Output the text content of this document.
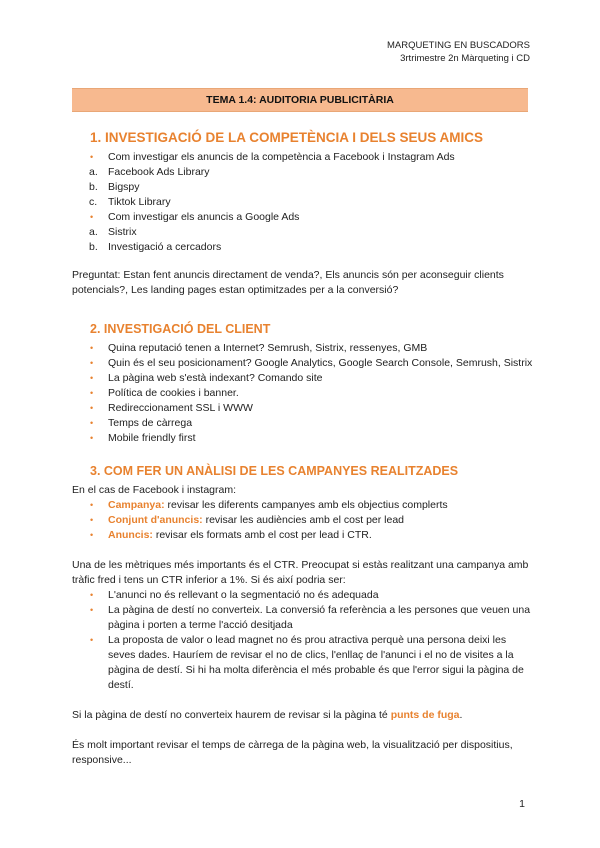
MARQUETING EN BUSCADORS
3rtrimestre 2n Màrqueting i CD
TEMA 1.4: AUDITORIA PUBLICITÀRIA
1. INVESTIGACIÓ DE LA COMPETÈNCIA I DELS SEUS AMICS
• Com investigar els anuncis de la competència a Facebook i Instagram Ads
a. Facebook Ads Library
b. Bigspy
c. Tiktok Library
• Com investigar els anuncis a Google Ads
a. Sistrix
b. Investigació a cercadors

Preguntat: Estan fent anuncis directament de venda?, Els anuncis són per aconseguir clients potencials?, Les landing pages estan optimitzades per a la conversió?

2. INVESTIGACIÓ DEL CLIENT
• Quina reputació tenen a Internet? Semrush, Sistrix, ressenyes, GMB
• Quin és el seu posicionament? Google Analytics, Google Search Console, Semrush, Sistrix
• La pàgina web s'està indexant? Comando site
• Política de cookies i banner.
• Redireccionament SSL i WWW
• Temps de càrrega
• Mobile friendly first
3. COM FER UN ANÀLISI DE LES CAMPANYES REALITZADES

En el cas de Facebook i instagram:

• Campanya: revisar les diferents campanyes amb els objectius complerts
• Conjunt d'anuncis: revisar les audiències amb el cost per lead
• Anuncis: revisar els formats amb el cost per lead i CTR.

Una de les mètriques més importants és el CTR. Preocupat si estàs realitzant una campanya amb tràfic fred i tens un CTR inferior a 1%. Si és així podria ser:

• L'anunci no és rellevant o la segmentació no és adequada
• La pàgina de destí no converteix. La conversió fa referència a les persones que veuen una pàgina i porten a terme l'acció desitjada
• La proposta de valor o lead magnet no és prou atractiva perquè una persona deixi les seves dades. Hauríem de revisar el no de clics, l'enllaç de l'anunci i el no de visites a la pàgina de destí. Si hi ha molta diferència el més probable és que l'error sigui la pàgina de destí.

Si la pàgina de destí no converteix haurem de revisar si la pàgina té punts de fuga.

És molt important revisar el temps de càrrega de la pàgina web, la visualització per dispositius, responsive...

1
